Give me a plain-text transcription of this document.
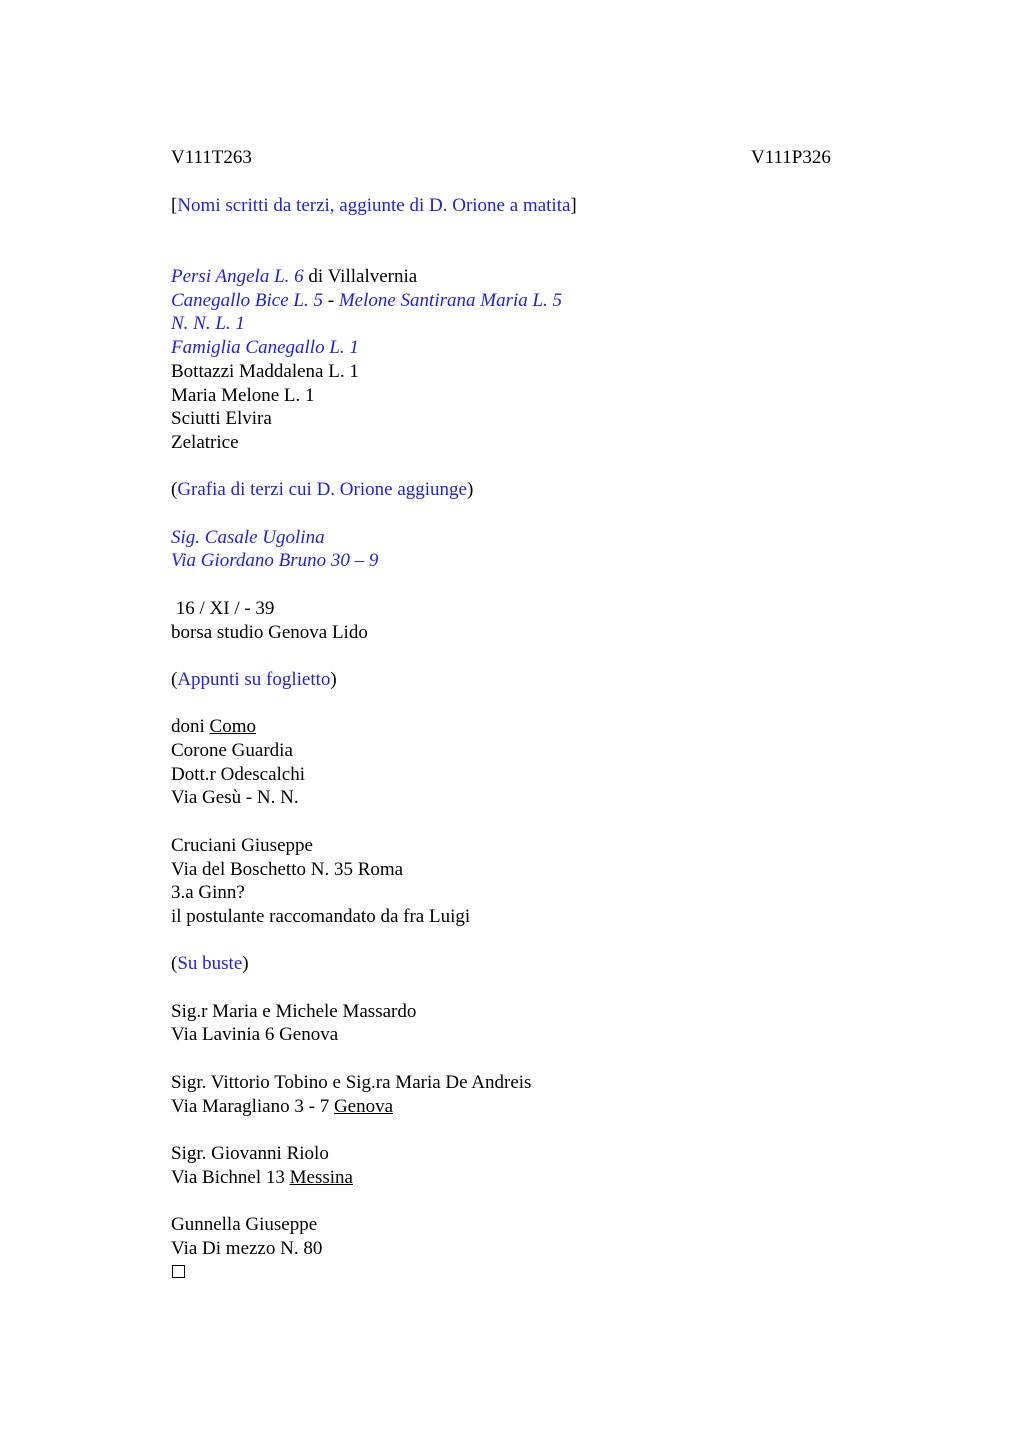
V111T263	V111P326
[Nomi scritti da terzi, aggiunte di D. Orione a matita]
Persi Angela L. 6 di Villalvernia
Canegallo Bice L. 5 - Melone Santirana Maria L. 5
N. N. L. 1
Famiglia Canegallo L. 1
Bottazzi Maddalena L. 1
Maria Melone L. 1
Sciutti Elvira
Zelatrice
(Grafia di terzi cui D. Orione aggiunge)
Sig. Casale Ugolina
Via Giordano Bruno 30 – 9
16 / XI / - 39
borsa studio Genova Lido
(Appunti su foglietto)
doni Como
Corone Guardia
Dott.r Odescalchi
Via Gesù - N. N.
Cruciani Giuseppe
Via del Boschetto N. 35 Roma
3.a Ginn?
il postulante raccomandato da fra Luigi
(Su buste)
Sig.r Maria e Michele Massardo
Via Lavinia 6 Genova
Sigr. Vittorio Tobino e Sig.ra Maria De Andreis
Via Maragliano 3 - 7 Genova
Sigr. Giovanni Riolo
Via Bichnel 13 Messina
Gunnella Giuseppe
Via Di mezzo N. 80
